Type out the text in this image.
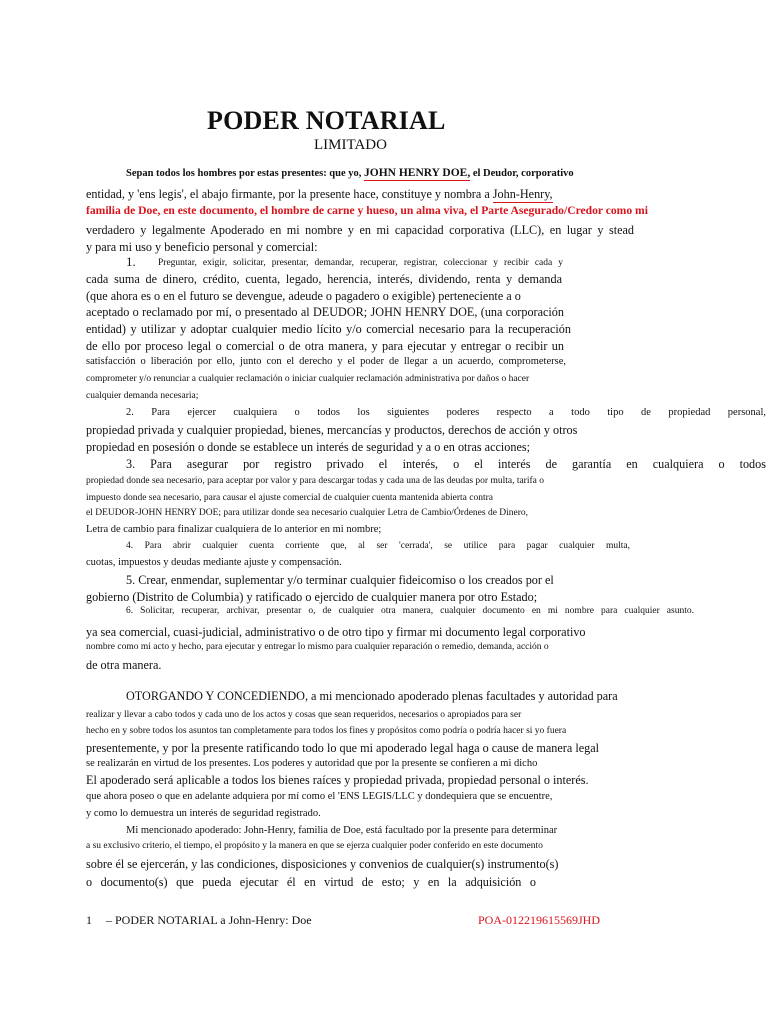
PODER NOTARIAL
LIMITADO
Sepan todos los hombres por estas presentes: que yo, JOHN HENRY DOE, el Deudor, corporativo
entidad, y 'ens legis', el abajo firmante, por la presente hace, constituye y nombra a John-Henry,
familia de Doe, en este documento, el hombre de carne y hueso, un alma viva, el Parte Asegurado/Credor como mi
verdadero y legalmente Apoderado en mi nombre y en mi capacidad corporativa (LLC), en lugar y stead
y para mi uso y beneficio personal y comercial:
1. Preguntar, exigir, solicitar, presentar, demandar, recuperar, registrar, coleccionar y recibir cada y
cada suma de dinero, crédito, cuenta, legado, herencia, interés, dividendo, renta y demanda
(que ahora es o en el futuro se devengue, adeude o pagadero o exigible) perteneciente a o
aceptado o reclamado por mí, o presentado al DEUDOR; JOHN HENRY DOE, (una corporación
entidad) y utilizar y adoptar cualquier medio lícito y/o comercial necesario para la recuperación
de ello por proceso legal o comercial o de otra manera, y para ejecutar y entregar o recibir un
satisfacción o liberación por ello, junto con el derecho y el poder de llegar a un acuerdo, comprometerse,
comprometer y/o renunciar a cualquier reclamación o iniciar cualquier reclamación administrativa por daños o hacer
cualquier demanda necesaria;
2. Para ejercer cualquiera o todos los siguientes poderes respecto a todo tipo de propiedad personal,
propiedad privada y cualquier propiedad, bienes, mercancías y productos, derechos de acción y otros
propiedad en posesión o donde se establece un interés de seguridad y a o en otras acciones;
3. Para asegurar por registro privado el interés, o el interés de garantía en cualquiera o todos
propiedad donde sea necesario, para aceptar por valor y para descargar todas y cada una de las deudas por multa, tarifa o
impuesto donde sea necesario, para causar el ajuste comercial de cualquier cuenta mantenida abierta contra
el DEUDOR-JOHN HENRY DOE; para utilizar donde sea necesario cualquier Letra de Cambio/Órdenes de Dinero,
Letra de cambio para finalizar cualquiera de lo anterior en mi nombre;
4. Para abrir cualquier cuenta corriente que, al ser 'cerrada', se utilice para pagar cualquier multa,
cuotas, impuestos y deudas mediante ajuste y compensación.
5. Crear, enmendar, suplementar y/o terminar cualquier fideicomiso o los creados por el
gobierno (Distrito de Columbia) y ratificado o ejercido de cualquier manera por otro Estado;
6. Solicitar, recuperar, archivar, presentar o, de cualquier otra manera, cualquier documento en mi nombre para cualquier asunto.
ya sea comercial, cuasi-judicial, administrativo o de otro tipo y firmar mi documento legal corporativo
nombre como mi acto y hecho, para ejecutar y entregar lo mismo para cualquier reparación o remedio, demanda, acción o
de otra manera.
OTORGANDO Y CONCEDIENDO, a mi mencionado apoderado plenas facultades y autoridad para
realizar y llevar a cabo todos y cada uno de los actos y cosas que sean requeridos, necesarios o apropiados para ser
hecho en y sobre todos los asuntos tan completamente para todos los fines y propósitos como podría o podría hacer si yo fuera
presentemente, y por la presente ratificando todo lo que mi apoderado legal haga o cause de manera legal
se realizarán en virtud de los presentes. Los poderes y autoridad que por la presente se confieren a mi dicho
El apoderado será aplicable a todos los bienes raíces y propiedad privada, propiedad personal o interés.
que ahora poseo o que en adelante adquiera por mí como el 'ENS LEGIS/LLC y dondequiera que se encuentre,
y como lo demuestra un interés de seguridad registrado.
Mi mencionado apoderado: John-Henry, familia de Doe, está facultado por la presente para determinar
a su exclusivo criterio, el tiempo, el propósito y la manera en que se ejerza cualquier poder conferido en este documento
sobre él se ejercerán, y las condiciones, disposiciones y convenios de cualquier(s) instrumento(s)
o documento(s) que pueda ejecutar él en virtud de esto; y en la adquisición o
1 – PODER NOTARIAL a John-Henry: Doe	POA-012219615569JHD
